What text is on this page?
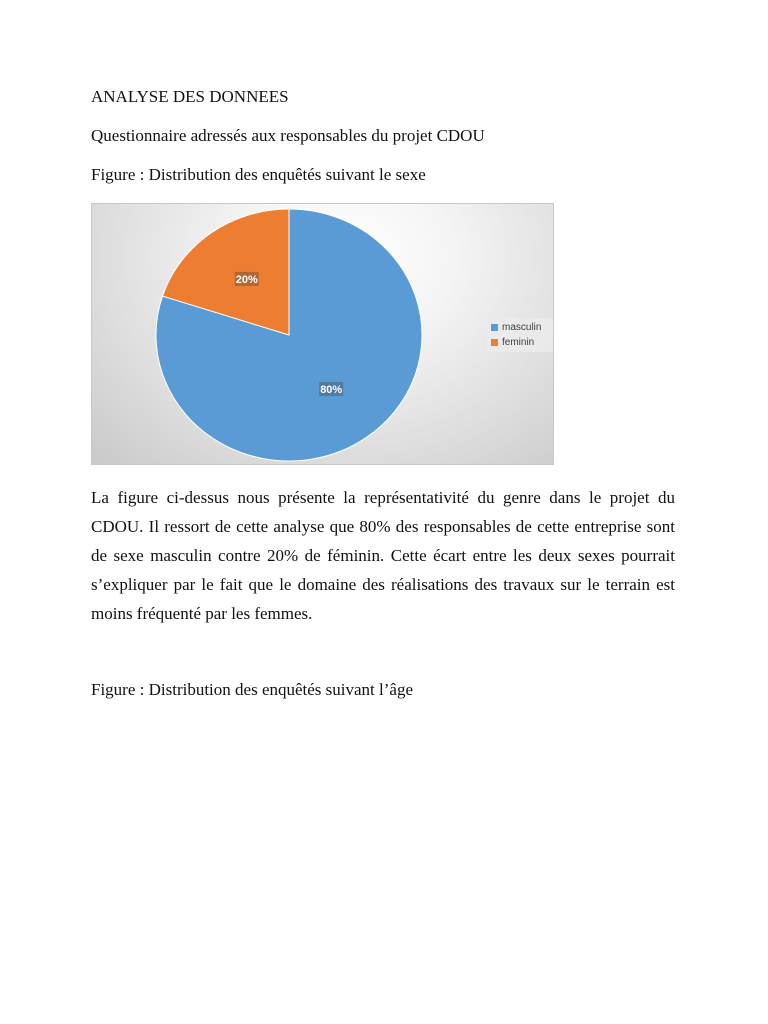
ANALYSE DES DONNEES
Questionnaire adressés aux responsables du projet CDOU
Figure : Distribution des enquêtés suivant le sexe
80%
20%
masculin
feminin
La figure ci-dessus nous présente la représentativité du genre dans le projet du CDOU. Il ressort de cette analyse que 80% des responsables de cette entreprise sont de sexe masculin contre 20% de féminin. Cette écart entre les deux sexes pourrait s’expliquer par le fait que le domaine des réalisations des travaux sur le terrain est moins fréquenté par les femmes.
Figure : Distribution des enquêtés suivant l’âge
